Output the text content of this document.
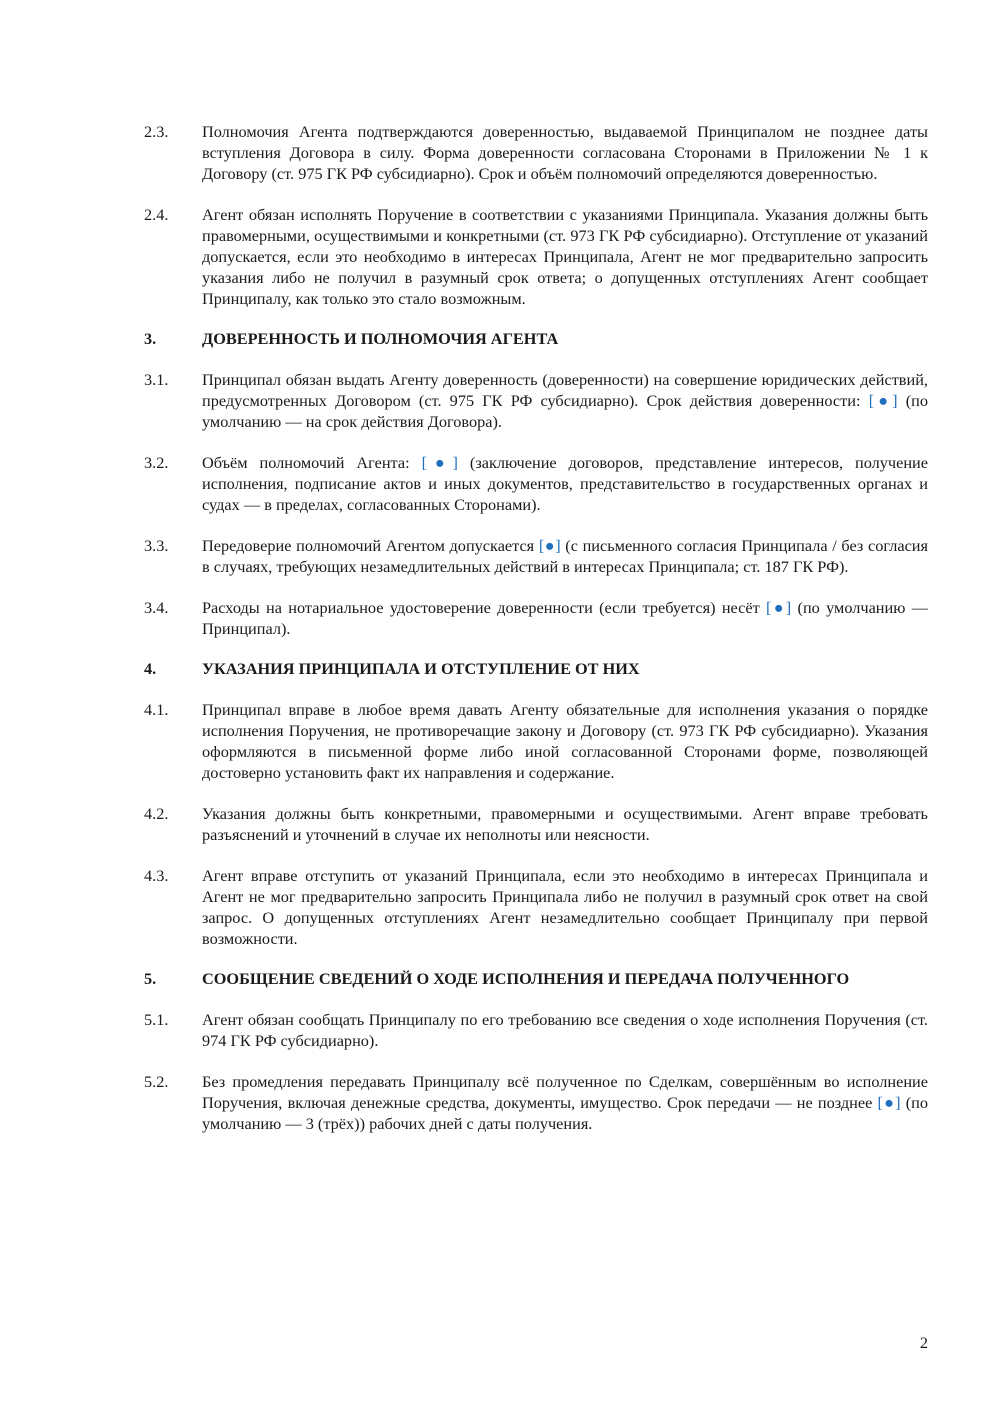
2.3.	Полномочия Агента подтверждаются доверенностью, выдаваемой Принципалом не позднее даты вступления Договора в силу. Форма доверенности согласована Сторонами в Приложении № 1 к Договору (ст. 975 ГК РФ субсидиарно). Срок и объём полномочий определяются доверенностью.
2.4.	Агент обязан исполнять Поручение в соответствии с указаниями Принципала. Указания должны быть правомерными, осуществимыми и конкретными (ст. 973 ГК РФ субсидиарно). Отступление от указаний допускается, если это необходимо в интересах Принципала, Агент не мог предварительно запросить указания либо не получил в разумный срок ответа; о допущенных отступлениях Агент сообщает Принципалу, как только это стало возможным.
3.	ДОВЕРЕННОСТЬ И ПОЛНОМОЧИЯ АГЕНТА
3.1.	Принципал обязан выдать Агенту доверенность (доверенности) на совершение юридических действий, предусмотренных Договором (ст. 975 ГК РФ субсидиарно). Срок действия доверенности: [●] (по умолчанию — на срок действия Договора).
3.2.	Объём полномочий Агента: [●] (заключение договоров, представление интересов, получение исполнения, подписание актов и иных документов, представительство в государственных органах и судах — в пределах, согласованных Сторонами).
3.3.	Передоверие полномочий Агентом допускается [●] (с письменного согласия Принципала / без согласия в случаях, требующих незамедлительных действий в интересах Принципала; ст. 187 ГК РФ).
3.4.	Расходы на нотариальное удостоверение доверенности (если требуется) несёт [●] (по умолчанию — Принципал).
4.	УКАЗАНИЯ ПРИНЦИПАЛА И ОТСТУПЛЕНИЕ ОТ НИХ
4.1.	Принципал вправе в любое время давать Агенту обязательные для исполнения указания о порядке исполнения Поручения, не противоречащие закону и Договору (ст. 973 ГК РФ субсидиарно). Указания оформляются в письменной форме либо иной согласованной Сторонами форме, позволяющей достоверно установить факт их направления и содержание.
4.2.	Указания должны быть конкретными, правомерными и осуществимыми. Агент вправе требовать разъяснений и уточнений в случае их неполноты или неясности.
4.3.	Агент вправе отступить от указаний Принципала, если это необходимо в интересах Принципала и Агент не мог предварительно запросить Принципала либо не получил в разумный срок ответ на свой запрос. О допущенных отступлениях Агент незамедлительно сообщает Принципалу при первой возможности.
5.	СООБЩЕНИЕ СВЕДЕНИЙ О ХОДЕ ИСПОЛНЕНИЯ И ПЕРЕДАЧА ПОЛУЧЕННОГО
5.1.	Агент обязан сообщать Принципалу по его требованию все сведения о ходе исполнения Поручения (ст. 974 ГК РФ субсидиарно).
5.2.	Без промедления передавать Принципалу всё полученное по Сделкам, совершённым во исполнение Поручения, включая денежные средства, документы, имущество. Срок передачи — не позднее [●] (по умолчанию — 3 (трёх)) рабочих дней с даты получения.
2
